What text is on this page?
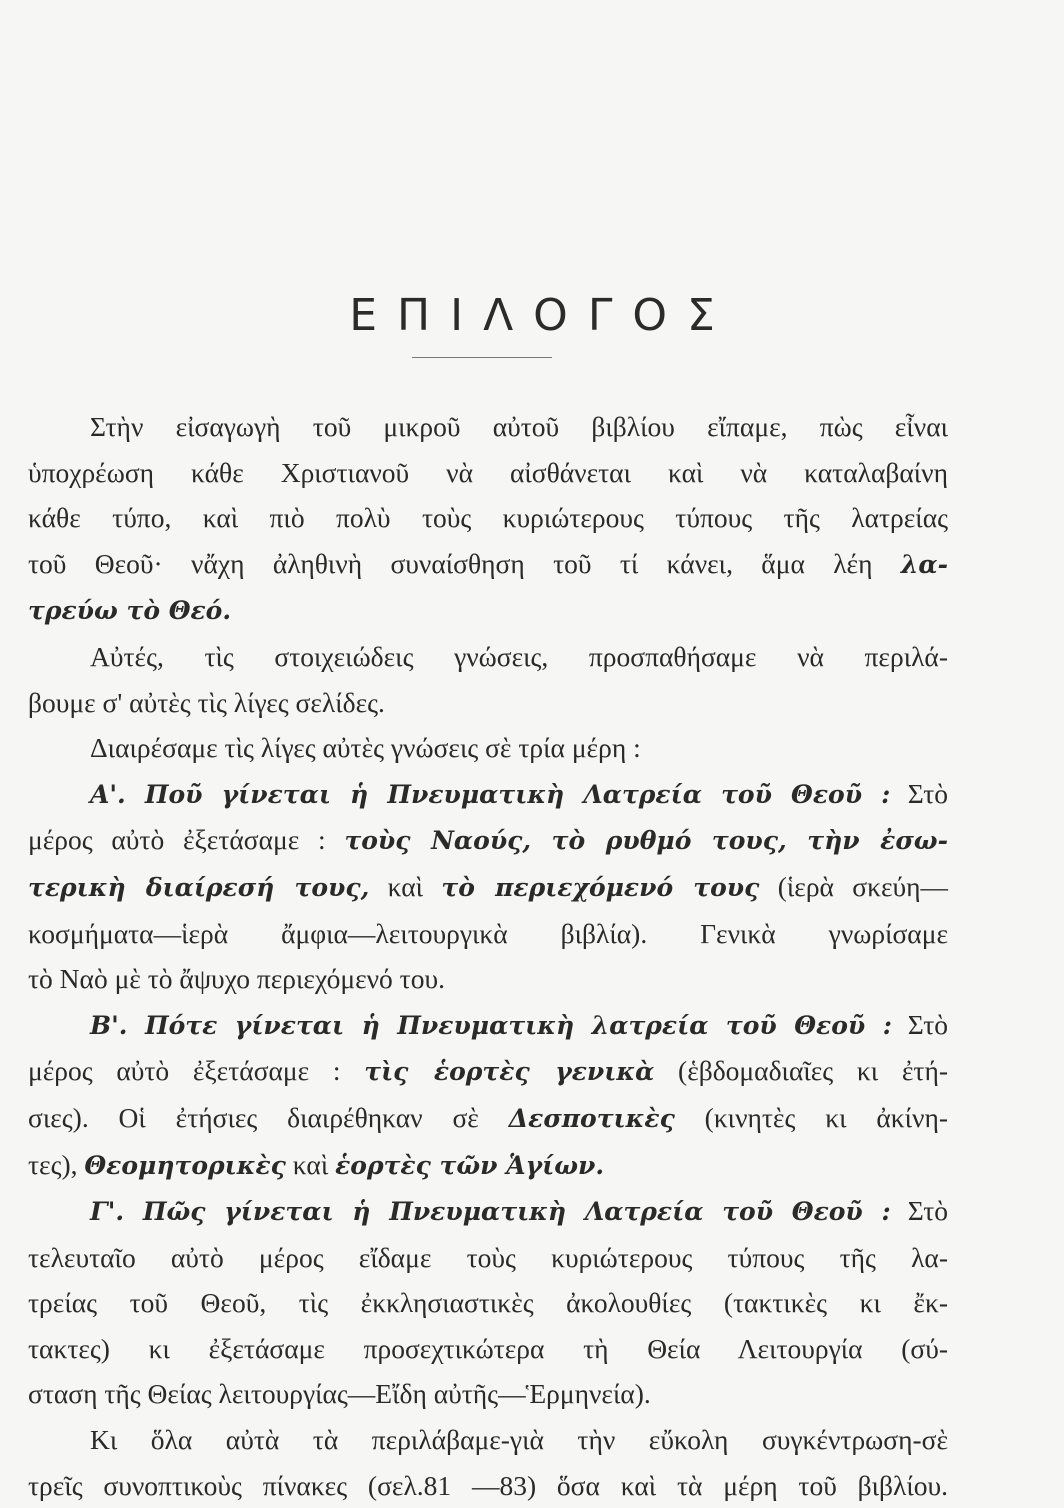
ΕΠΙΛΟΓΟΣ
Στὴν εἰσαγωγὴ τοῦ μικροῦ αὐτοῦ βιβλίου εἴπαμε, πὼς εἶναι
ὑποχρέωση κάθε Χριστιανοῦ νὰ αἰσθάνεται καὶ νὰ καταλαβαίνη
κάθε τύπο, καὶ πιὸ πολὺ τοὺς κυριώτερους τύπους τῆς λατρείας
τοῦ Θεοῦ· νἄχη ἀληθινὴ συναίσθηση τοῦ τί κάνει, ἅμα λέη λα-
τρεύω τὸ Θεό.
Αὐτές, τὶς στοιχειώδεις γνώσεις, προσπαθήσαμε νὰ περιλά-
βουμε σ' αὐτὲς τὶς λίγες σελίδες.
Διαιρέσαμε τὶς λίγες αὐτὲς γνώσεις σὲ τρία μέρη :
Α'. Ποῦ γίνεται ἡ Πνευματικὴ Λατρεία τοῦ Θεοῦ : Στὸ
μέρος αὐτὸ ἐξετάσαμε : τοὺς Ναούς, τὸ ρυθμό τους, τὴν ἐσω-
τερικὴ διαίρεσή τους, καὶ τὸ περιεχόμενό τους (ἱερὰ σκεύη—
κοσμήματα—ἱερὰ ἄμφια—λειτουργικὰ βιβλία). Γενικὰ γνωρίσαμε
τὸ Ναὸ μὲ τὸ ἄψυχο περιεχόμενό του.
Β'. Πότε γίνεται ἡ Πνευματικὴ λατρεία τοῦ Θεοῦ : Στὸ
μέρος αὐτὸ ἐξετάσαμε : τὶς ἑορτὲς γενικὰ (ἑβδομαδιαῖες κι ἐτή-
σιες). Οἱ ἐτήσιες διαιρέθηκαν σὲ Δεσποτικὲς (κινητὲς κι ἀκίνη-
τες), Θεομητορικὲς καὶ ἑορτὲς τῶν Ἁγίων.
Γ'. Πῶς γίνεται ἡ Πνευματικὴ Λατρεία τοῦ Θεοῦ : Στὸ
τελευταῖο αὐτὸ μέρος εἴδαμε τοὺς κυριώτερους τύπους τῆς λα-
τρείας τοῦ Θεοῦ, τὶς ἐκκλησιαστικὲς ἀκολουθίες (τακτικὲς κι ἔκ-
τακτες) κι ἐξετάσαμε προσεχτικώτερα τὴ Θεία Λειτουργία (σύ-
σταση τῆς Θείας λειτουργίας—Εἴδη αὐτῆς—Ἑρμηνεία).
Κι ὅλα αὐτὰ τὰ περιλάβαμε-γιὰ τὴν εὔκολη συγκέντρωση-σὲ
τρεῖς συνοπτικοὺς πίνακες (σελ.81 —83) ὅσα καὶ τὰ μέρη τοῦ βιβλίου.
